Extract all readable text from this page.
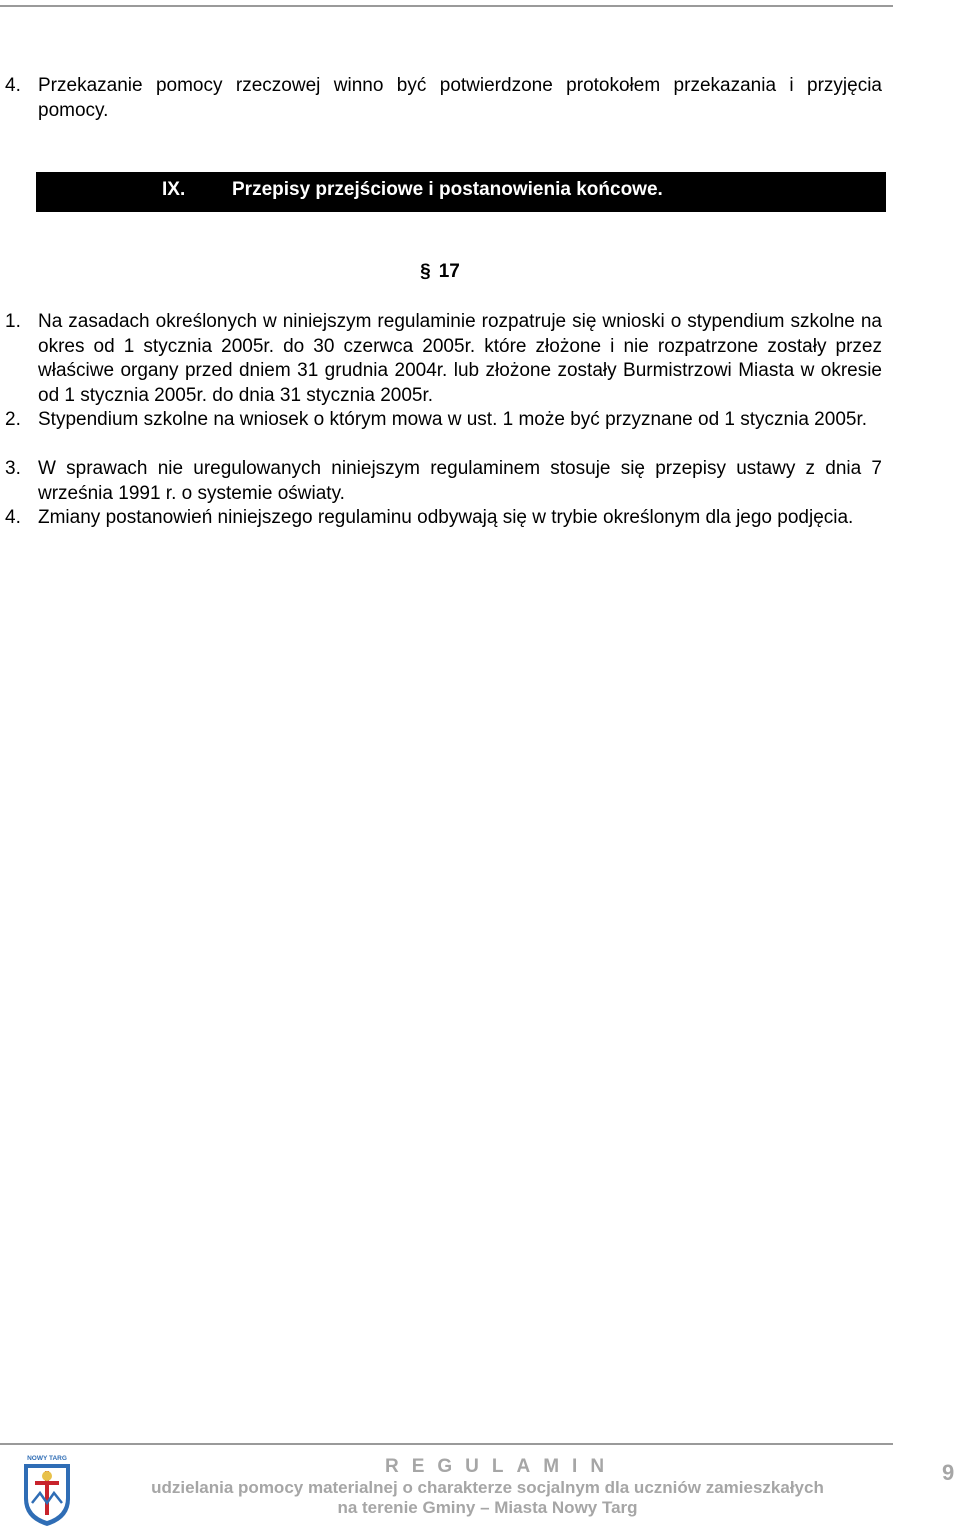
4. Przekazanie pomocy rzeczowej winno być potwierdzone protokołem przekazania i przyjęcia pomocy.
IX. Przepisy przejściowe i postanowienia końcowe.
§ 17
1. Na zasadach określonych w niniejszym regulaminie rozpatruje się wnioski o stypendium szkolne na okres od 1 stycznia 2005r. do 30 czerwca 2005r. które złożone i nie rozpatrzone zostały przez właściwe organy przed dniem 31 grudnia 2004r. lub złożone zostały Burmistrzowi Miasta w okresie od 1 stycznia 2005r. do dnia 31 stycznia 2005r.
2. Stypendium szkolne na wniosek o którym mowa w ust. 1 może być przyznane od 1 stycznia 2005r.
3. W sprawach nie uregulowanych niniejszym regulaminem stosuje się przepisy ustawy z dnia 7 września 1991 r. o systemie oświaty.
4. Zmiany postanowień niniejszego regulaminu odbywają się w trybie określonym dla jego podjęcia.
NOWY TARG	REGULAMIN
udzielania pomocy materialnej o charakterze socjalnym dla uczniów zamieszkałych
na terenie Gminy – Miasta Nowy Targ
9
